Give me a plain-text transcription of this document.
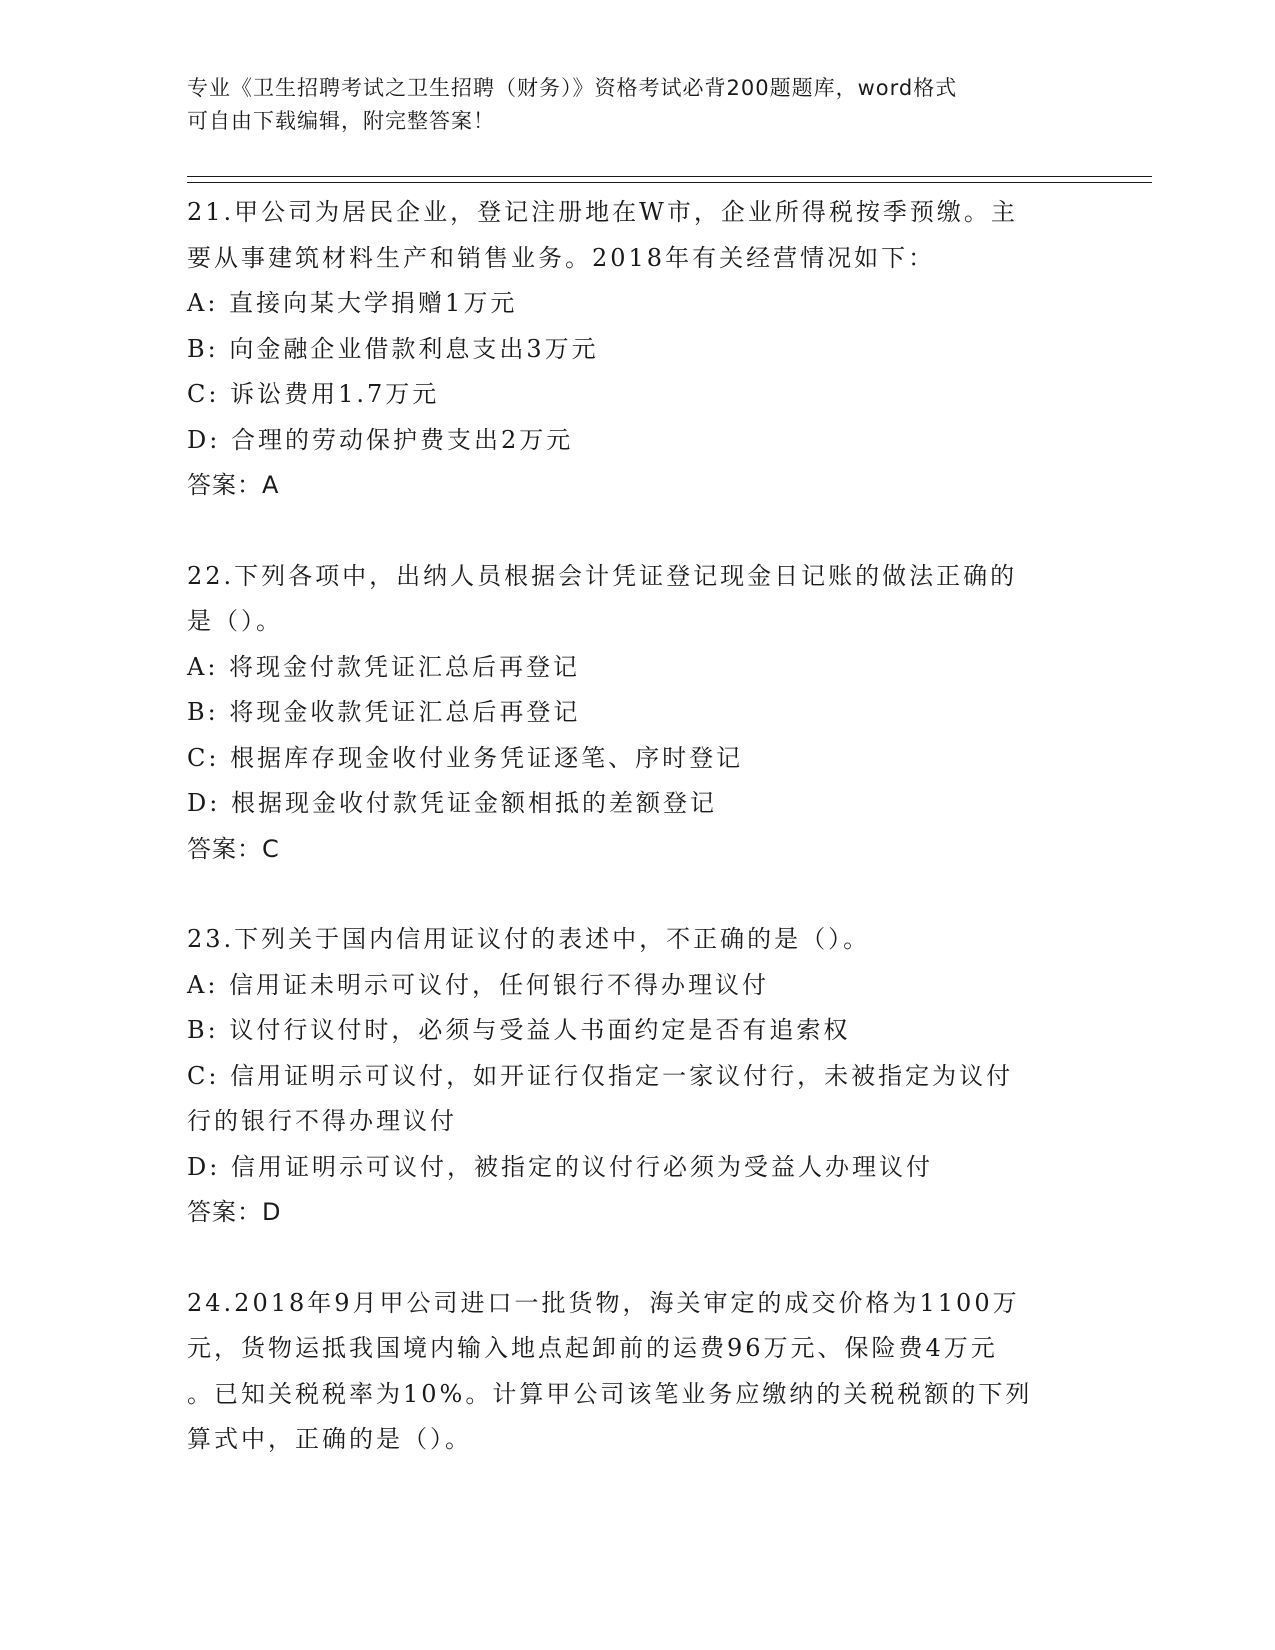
专业《卫生招聘考试之卫生招聘（财务）》资格考试必背200题题库，word格式
可自由下载编辑，附完整答案！
21.甲公司为居民企业，登记注册地在W市，企业所得税按季预缴。主
要从事建筑材料生产和销售业务。2018年有关经营情况如下：
A: 直接向某大学捐赠1万元
B: 向金融企业借款利息支出3万元
C: 诉讼费用1.7万元
D: 合理的劳动保护费支出2万元
答案：A
22.下列各项中，出纳人员根据会计凭证登记现金日记账的做法正确的
是（）。
A: 将现金付款凭证汇总后再登记
B: 将现金收款凭证汇总后再登记
C: 根据库存现金收付业务凭证逐笔、序时登记
D: 根据现金收付款凭证金额相抵的差额登记
答案：C
23.下列关于国内信用证议付的表述中，不正确的是（）。
A: 信用证未明示可议付，任何银行不得办理议付
B: 议付行议付时，必须与受益人书面约定是否有追索权
C: 信用证明示可议付，如开证行仅指定一家议付行，未被指定为议付
行的银行不得办理议付
D: 信用证明示可议付，被指定的议付行必须为受益人办理议付
答案：D
24.2018年9月甲公司进口一批货物，海关审定的成交价格为1100万
元，货物运抵我国境内输入地点起卸前的运费96万元、保险费4万元
。已知关税税率为10%。计算甲公司该笔业务应缴纳的关税税额的下列
算式中，正确的是（）。
